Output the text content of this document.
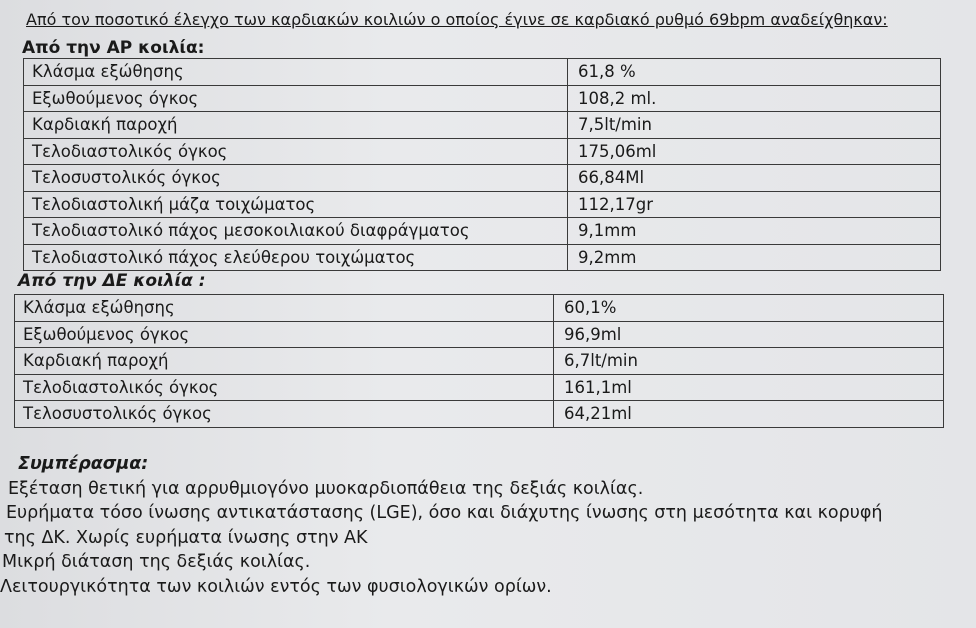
Από τον ποσοτικό έλεγχο των καρδιακών κοιλιών ο οποίος έγινε σε καρδιακό ρυθμό 69bpm αναδείχθηκαν:
Από την ΑΡ κοιλία:
Κλάσμα εξώθησης	61,8 %
Εξωθούμενος όγκος	108,2 ml.
Καρδιακή παροχή	7,5lt/min
Τελοδιαστολικός όγκος	175,06ml
Τελοσυστολικός όγκος	66,84Ml
Τελοδιαστολική μάζα τοιχώματος	112,17gr
Τελοδιαστολικό πάχος μεσοκοιλιακού διαφράγματος	9,1mm
Τελοδιαστολικό πάχος ελεύθερου τοιχώματος	9,2mm
Από την ΔΕ κοιλία :
Κλάσμα εξώθησης	60,1%
Εξωθούμενος όγκος	96,9ml
Καρδιακή παροχή	6,7lt/min
Τελοδιαστολικός όγκος	161,1ml
Τελοσυστολικός όγκος	64,21ml
Συμπέρασμα:
Εξέταση θετική για αρρυθμιογόνο μυοκαρδιοπάθεια της δεξιάς κοιλίας.
Ευρήματα τόσο ίνωσης αντικατάστασης (LGE), όσο και διάχυτης ίνωσης στη μεσότητα και κορυφή
της ΔΚ. Χωρίς ευρήματα ίνωσης στην ΑΚ
Μικρή διάταση της δεξιάς κοιλίας.
Λειτουργικότητα των κοιλιών εντός των φυσιολογικών ορίων.
